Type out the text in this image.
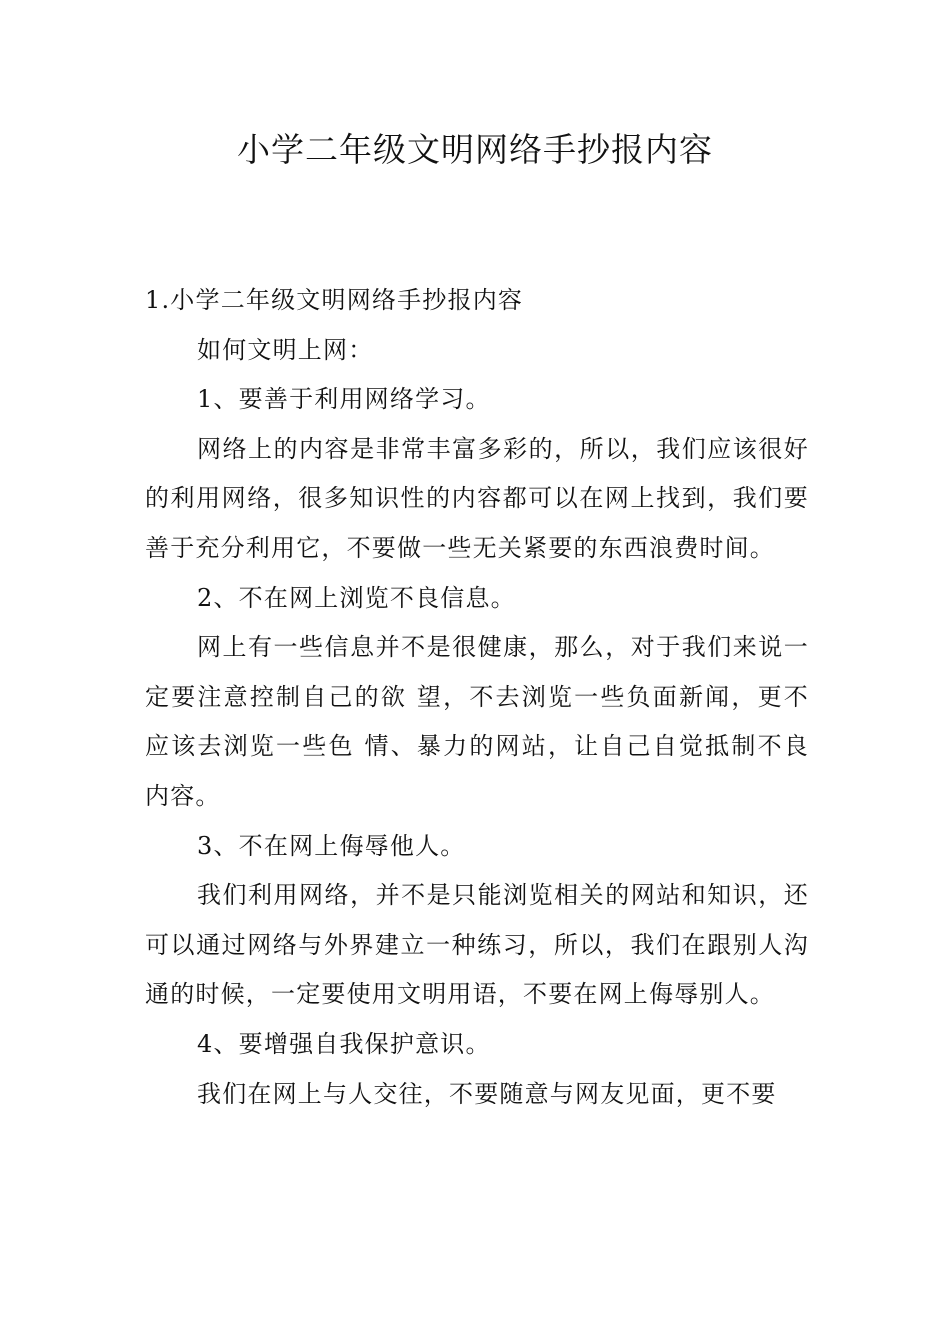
小学二年级文明网络手抄报内容

1.小学二年级文明网络手抄报内容

如何文明上网：

1、要善于利用网络学习。

网络上的内容是非常丰富多彩的，所以，我们应该很好的利用网络，很多知识性的内容都可以在网上找到，我们要善于充分利用它，不要做一些无关紧要的东西浪费时间。

2、不在网上浏览不良信息。

网上有一些信息并不是很健康，那么，对于我们来说一定要注意控制自己的欲 望，不去浏览一些负面新闻，更不应该去浏览一些色 情、暴力的网站，让自己自觉抵制不良内容。

3、不在网上侮辱他人。

我们利用网络，并不是只能浏览相关的网站和知识，还可以通过网络与外界建立一种练习，所以，我们在跟别人沟通的时候，一定要使用文明用语，不要在网上侮辱别人。

4、要增强自我保护意识。

我们在网上与人交往，不要随意与网友见面，更不要
